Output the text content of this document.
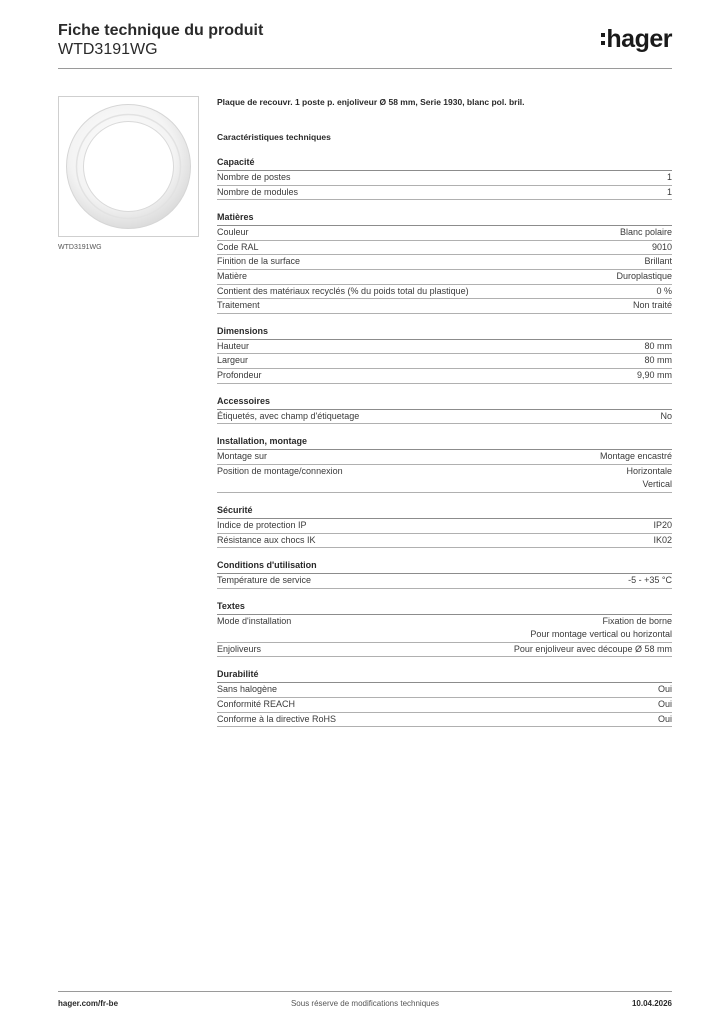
Fiche technique du produit
WTD3191WG	hager
WTD3191WG
Plaque de recouvr. 1 poste p. enjoliveur Ø 58 mm, Serie 1930, blanc pol. bril.
Caractéristiques techniques
Capacité
Nombre de postes	1
Nombre de modules	1
Matières
Couleur	Blanc polaire
Code RAL	9010
Finition de la surface	Brillant
Matière	Duroplastique
Contient des matériaux recyclés (% du poids total du plastique)	0 %
Traitement	Non traité
Dimensions
Hauteur	80 mm
Largeur	80 mm
Profondeur	9,90 mm
Accessoires
Étiquetés, avec champ d'étiquetage	No
Installation, montage
Montage sur	Montage encastré
Position de montage/connexion	Horizontale
Vertical
Sécurité
Indice de protection IP	IP20
Résistance aux chocs IK	IK02
Conditions d'utilisation
Température de service	-5 - +35 °C
Textes
Mode d'installation	Fixation de borne
Pour montage vertical ou horizontal
Enjoliveurs	Pour enjoliveur avec découpe Ø 58 mm
Durabilité
Sans halogène	Oui
Conformité REACH	Oui
Conforme à la directive RoHS	Oui
hager.com/fr-be	Sous réserve de modifications techniques	10.04.2026
